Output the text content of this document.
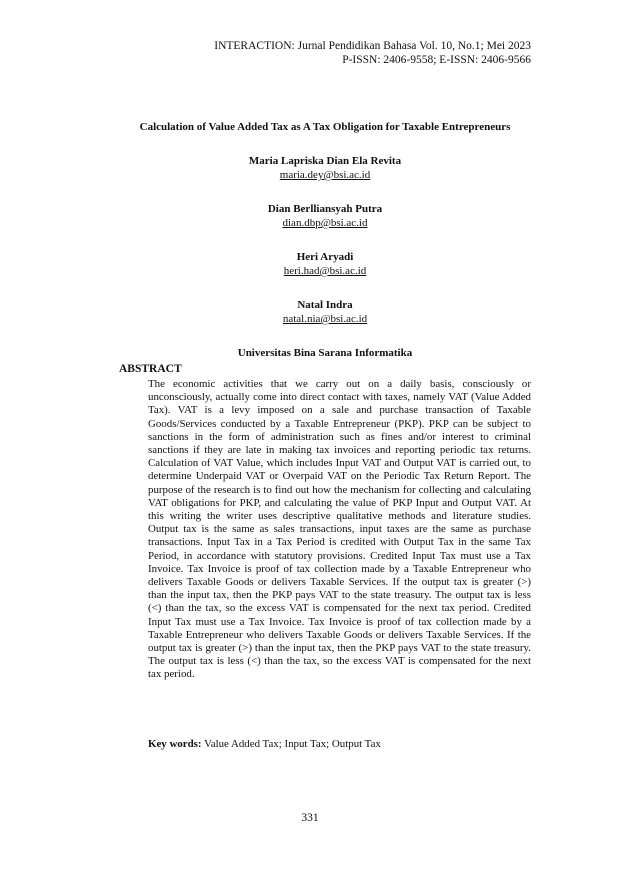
INTERACTION: Jurnal Pendidikan Bahasa Vol. 10, No.1; Mei 2023
P-ISSN: 2406-9558; E-ISSN: 2406-9566
Calculation of Value Added Tax as A Tax Obligation for Taxable Entrepreneurs
Maria Lapriska Dian Ela Revita
maria.dey@bsi.ac.id
Dian Berlliansyah Putra
dian.dbp@bsi.ac.id
Heri Aryadi
heri.had@bsi.ac.id
Natal Indra
natal.nia@bsi.ac.id
Universitas Bina Sarana Informatika
ABSTRACT
The economic activities that we carry out on a daily basis, consciously or unconsciously, actually come into direct contact with taxes, namely VAT (Value Added Tax). VAT is a levy imposed on a sale and purchase transaction of Taxable Goods/Services conducted by a Taxable Entrepreneur (PKP). PKP can be subject to sanctions in the form of administration such as fines and/or interest to criminal sanctions if they are late in making tax invoices and reporting periodic tax returns. Calculation of VAT Value, which includes Input VAT and Output VAT is carried out, to determine Underpaid VAT or Overpaid VAT on the Periodic Tax Return Report. The purpose of the research is to find out how the mechanism for collecting and calculating VAT obligations for PKP, and calculating the value of PKP Input and Output VAT. At this writing the writer uses descriptive qualitative methods and literature studies. Output tax is the same as sales transactions, input taxes are the same as purchase transactions. Input Tax in a Tax Period is credited with Output Tax in the same Tax Period, in accordance with statutory provisions. Credited Input Tax must use a Tax Invoice. Tax Invoice is proof of tax collection made by a Taxable Entrepreneur who delivers Taxable Goods or delivers Taxable Services. If the output tax is greater (>) than the input tax, then the PKP pays VAT to the state treasury. The output tax is less (<) than the tax, so the excess VAT is compensated for the next tax period. Credited Input Tax must use a Tax Invoice. Tax Invoice is proof of tax collection made by a Taxable Entrepreneur who delivers Taxable Goods or delivers Taxable Services. If the output tax is greater (>) than the input tax, then the PKP pays VAT to the state treasury. The output tax is less (<) than the tax, so the excess VAT is compensated for the next tax period.
Key words: Value Added Tax; Input Tax; Output Tax
331
